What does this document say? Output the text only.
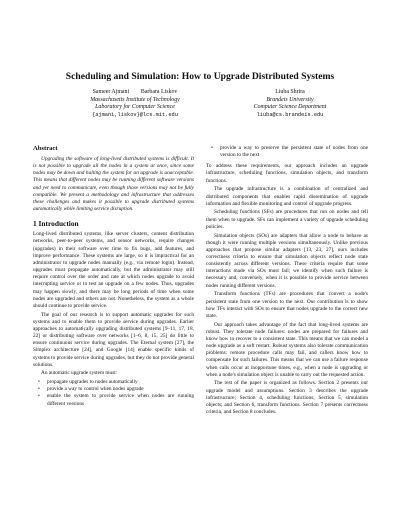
Scheduling and Simulation: How to Upgrade Distributed Systems
Sameer Ajmani        Barbara Liskov
Massachusetts Institute of Technology
Laboratory for Computer Science
{ajmani,liskov}@lcs.mit.edu
Liuba Shrira
Brandeis University
Computer Science Department
liuba@cs.brandeis.edu
Abstract

Upgrading the software of long-lived distributed systems is difficult. It is not possible to upgrade all the nodes in a system at once, since some nodes may be down and halting the system for an upgrade is unacceptable. This means that different nodes may be running different software versions and yet need to communicate, even though those versions may not be fully compatible. We present a methodology and infrastructure that addresses these challenges and makes it possible to upgrade distributed systems automatically while limiting service disruption.

1 Introduction

Long-lived distributed systems, like server clusters, content distribution networks, peer-to-peer systems, and sensor networks, require changes (upgrades) in their software over time to fix bugs, add features, and improve performance. These systems are large, so it is impractical for an administrator to upgrade nodes manually (e.g., via remote login). Instead, upgrades must propagate automatically, but the administrator may still require control over the order and rate at which nodes upgrade to avoid interrupting service or to test an upgrade on a few nodes. Thus, upgrades may happen slowly, and there may be long periods of time when some nodes are upgraded and others are not. Nonetheless, the system as a whole should continue to provide service.

The goal of our research is to support automatic upgrades for such systems and to enable them to provide service during upgrades. Earlier approaches to automatically upgrading distributed systems [9–11, 17, 18, 22] or distributing software over networks [1–6, 8, 15, 25] do little to ensure continuous service during upgrades. The Eternal system [27], the Simplex architecture [24], and Google [14] enable specific kinds of systems to provide service during upgrades, but they do not provide general solutions.

An automatic upgrade system must:

• propagate upgrades to nodes automatically
• provide a way to control when nodes upgrade
• enable the system to provide service when nodes are running different versions
• provide a way to preserve the persistent state of nodes from one version to the next

To address these requirements, our approach includes an upgrade infrastructure, scheduling functions, simulation objects, and transform functions.

The upgrade infrastructure is a combination of centralized and distributed components that enables rapid dissemination of upgrade information and flexible monitoring and control of upgrade progress.

Scheduling functions (SFs) are procedures that run on nodes and tell them when to upgrade. SFs can implement a variety of upgrade scheduling policies.

Simulation objects (SOs) are adapters that allow a node to behave as though it were running multiple versions simultaneously. Unlike previous approaches that propose similar adapters [13, 23, 27], ours includes correctness criteria to ensure that simulation objects reflect node state consistently across different versions. These criteria require that some interactions made via SOs must fail; we identify when such failure is necessary and, conversely, when it is possible to provide service between nodes running different versions.

Transform functions (TFs) are procedures that convert a node's persistent state from one version to the next. Our contribution is to show how TFs interact with SOs to ensure that nodes upgrade to the correct new state.

Our approach takes advantage of the fact that long-lived systems are robust. They tolerate node failures: nodes are prepared for failures and know how to recover to a consistent state. This means that we can model a node upgrade as a soft restart. Robust systems also tolerate communication problems: remote procedure calls may fail, and callers know how to compensate for such failures. This means that we can use a failure response when calls occur at inopportune times, e.g., when a node is upgrading or when a node's simulation object is unable to carry out the requested action.

The rest of the paper is organized as follows. Section 2 presents our upgrade model and assumptions. Section 3 describes the upgrade infrastructure; Section 4, scheduling functions; Section 5, simulation objects; and Section 6, transform functions. Section 7 presents correctness criteria, and Section 8 concludes.
